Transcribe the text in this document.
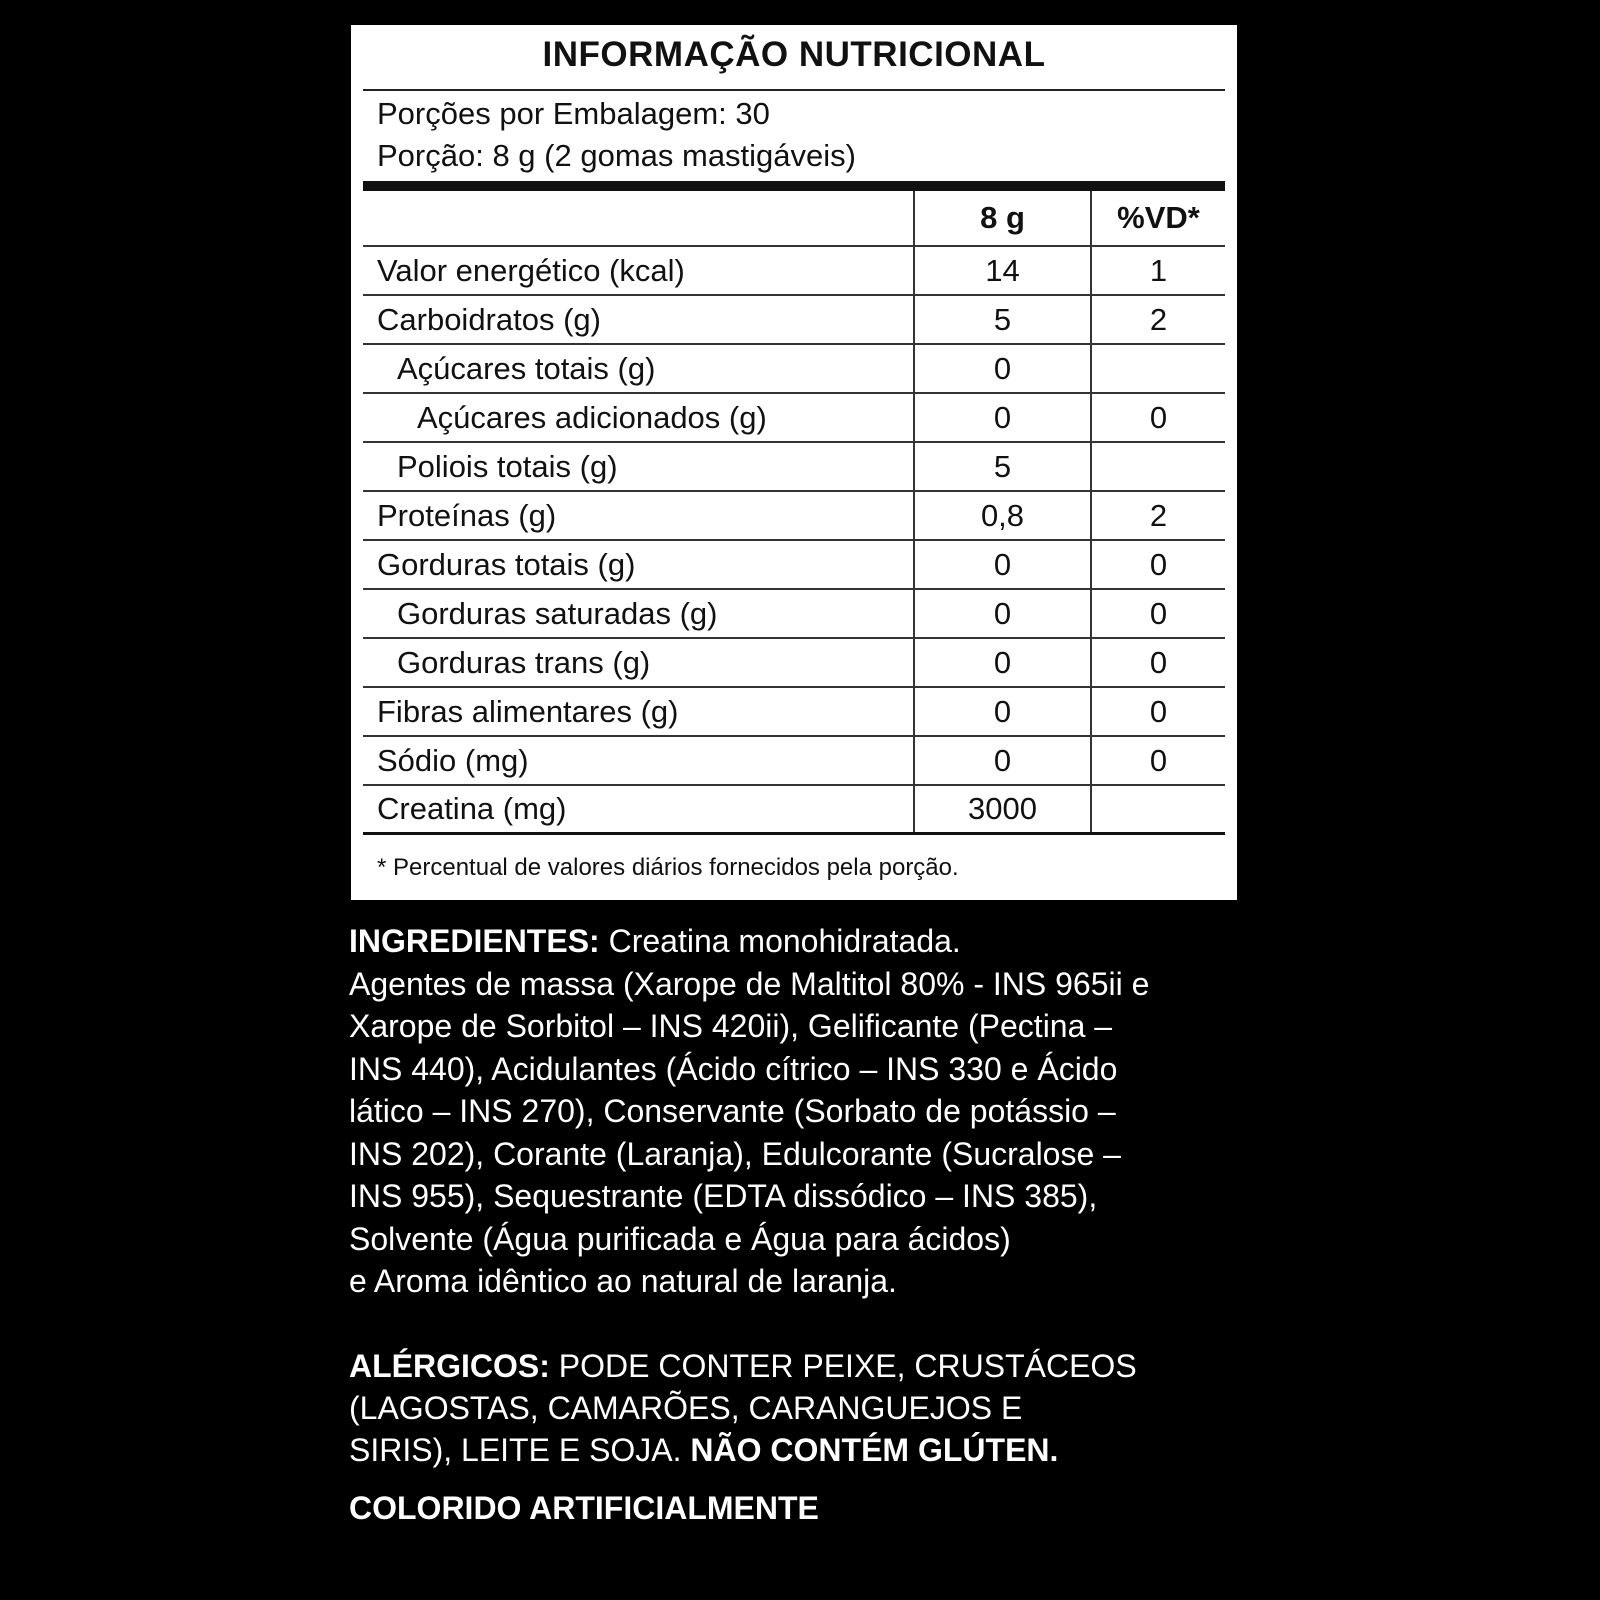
INFORMAÇÃO NUTRICIONAL
Porções por Embalagem: 30
Porção: 8 g (2 gomas mastigáveis)
8 g	%VD*
Valor energético (kcal)	14	1
Carboidratos (g)	5	2
Açúcares totais (g)	0
Açúcares adicionados (g)	0	0
Poliois totais (g)	5
Proteínas (g)	0,8	2
Gorduras totais (g)	0	0
Gorduras saturadas (g)	0	0
Gorduras trans (g)	0	0
Fibras alimentares (g)	0	0
Sódio (mg)	0	0
Creatina (mg)	3000
* Percentual de valores diários fornecidos pela porção.

INGREDIENTES: Creatina monohidratada.

Agentes de massa (Xarope de Maltitol 80% - INS 965ii e

Xarope de Sorbitol – INS 420ii), Gelificante (Pectina –

INS 440), Acidulantes (Ácido cítrico – INS 330 e Ácido

lático – INS 270), Conservante (Sorbato de potássio –

INS 202), Corante (Laranja), Edulcorante (Sucralose –

INS 955), Sequestrante (EDTA dissódico – INS 385),

Solvente (Água purificada e Água para ácidos)

e Aroma idêntico ao natural de laranja.

ALÉRGICOS: PODE CONTER PEIXE, CRUSTÁCEOS

(LAGOSTAS, CAMARÕES, CARANGUEJOS E

SIRIS), LEITE E SOJA. NÃO CONTÉM GLÚTEN.

COLORIDO ARTIFICIALMENTE
